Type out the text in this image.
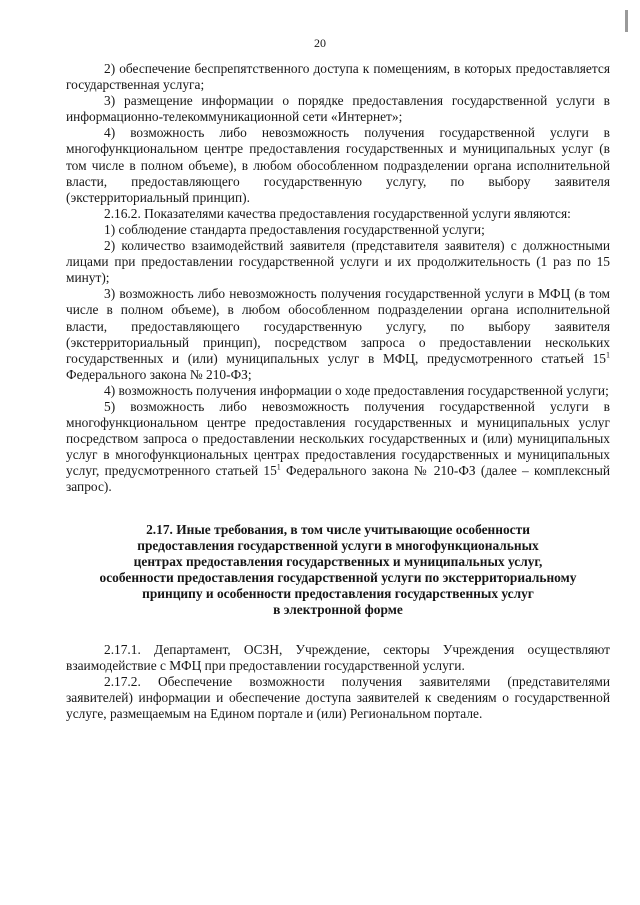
20

2) обеспечение беспрепятственного доступа к помещениям, в которых предоставляется государственная услуга;

3) размещение информации о порядке предоставления государственной услуги в информационно-телекоммуникационной сети «Интернет»;

4) возможность либо невозможность получения государственной услуги в многофункциональном центре предоставления государственных и муниципальных услуг (в том числе в полном объеме), в любом обособленном подразделении органа исполнительной власти, предоставляющего государственную услугу, по выбору заявителя (экстерриториальный принцип).

2.16.2. Показателями качества предоставления государственной услуги являются:

1) соблюдение стандарта предоставления государственной услуги;

2) количество взаимодействий заявителя (представителя заявителя) с должностными лицами при предоставлении государственной услуги и их продолжительность (1 раз по 15 минут);

3) возможность либо невозможность получения государственной услуги в МФЦ (в том числе в полном объеме), в любом обособленном подразделении органа исполнительной власти, предоставляющего государственную услугу, по выбору заявителя (экстерриториальный принцип), посредством запроса о предоставлении нескольких государственных и (или) муниципальных услуг в МФЦ, предусмотренного статьей $15^1$ Федерального закона № 210-ФЗ;

4) возможность получения информации о ходе предоставления государственной услуги;

5) возможность либо невозможность получения государственной услуги в многофункциональном центре предоставления государственных и муниципальных услуг посредством запроса о предоставлении нескольких государственных и (или) муниципальных услуг в многофункциональных центрах предоставления государственных и муниципальных услуг, предусмотренного статьей $15^1$ Федерального закона № 210-ФЗ (далее – комплексный запрос).

2.17. Иные требования, в том числе учитывающие особенности
предоставления государственной услуги в многофункциональных
центрах предоставления государственных и муниципальных услуг,
особенности предоставления государственной услуги по экстерриториальному
принципу и особенности предоставления государственных услуг
в электронной форме

2.17.1. Департамент, ОСЗН, Учреждение, секторы Учреждения осуществляют взаимодействие с МФЦ при предоставлении государственной услуги.

2.17.2. Обеспечение возможности получения заявителями (представителями заявителей) информации и обеспечение доступа заявителей к сведениям о государственной услуге, размещаемым на Едином портале и (или) Региональном портале.
